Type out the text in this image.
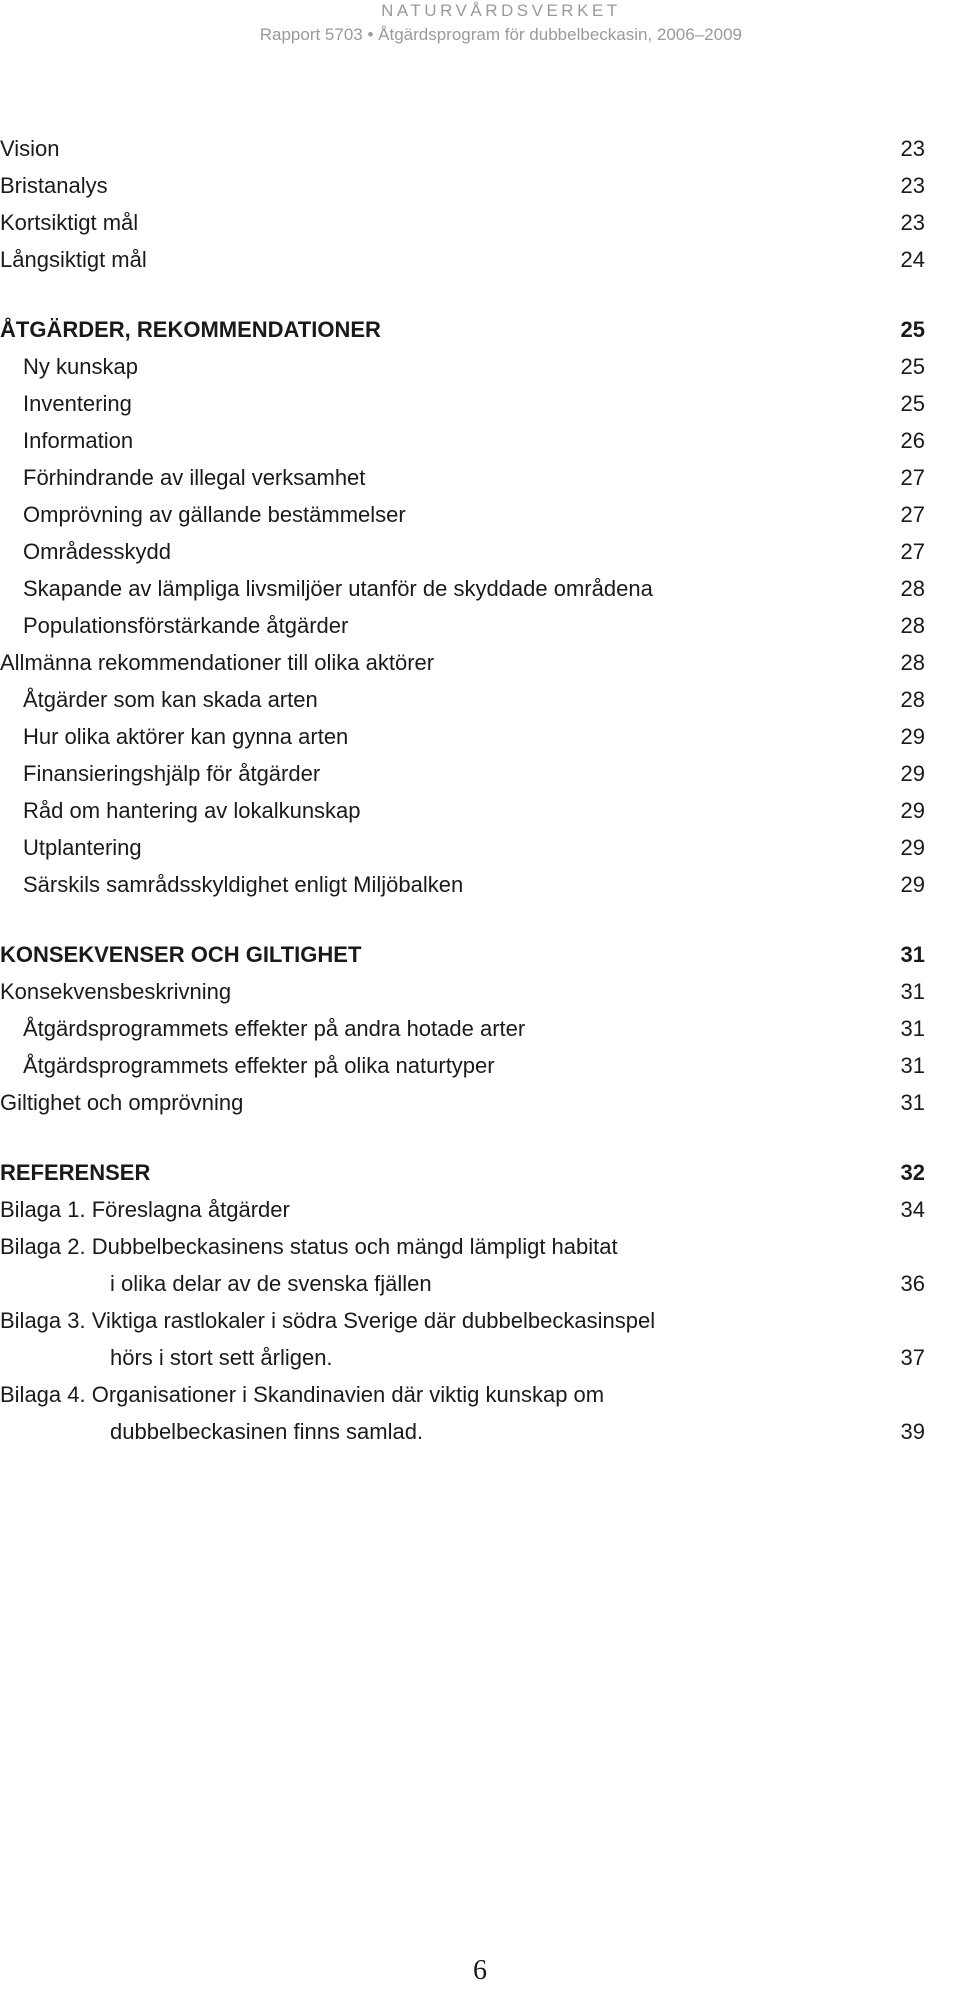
NATURVÅRDSVERKET
Rapport 5703 • Åtgärdsprogram för dubbelbeckasin, 2006–2009
Vision	23
Bristanalys	23
Kortsiktigt mål	23
Långsiktigt mål	24
ÅTGÄRDER, REKOMMENDATIONER	25
Ny kunskap	25
Inventering	25
Information	26
Förhindrande av illegal verksamhet	27
Omprövning av gällande bestämmelser	27
Områdesskydd	27
Skapande av lämpliga livsmiljöer utanför de skyddade områdena	28
Populationsförstärkande åtgärder	28
Allmänna rekommendationer till olika aktörer	28
Åtgärder som kan skada arten	28
Hur olika aktörer kan gynna arten	29
Finansieringshjälp för åtgärder	29
Råd om hantering av lokalkunskap	29
Utplantering	29
Särskils samrådsskyldighet enligt Miljöbalken	29
KONSEKVENSER OCH GILTIGHET	31
Konsekvensbeskrivning	31
Åtgärdsprogrammets effekter på andra hotade arter	31
Åtgärdsprogrammets effekter på olika naturtyper	31
Giltighet och omprövning	31
REFERENSER	32
Bilaga 1. Föreslagna åtgärder	34
Bilaga 2. Dubbelbeckasinens status och mängd lämpligt habitat
i olika delar av de svenska fjällen	36
Bilaga 3. Viktiga rastlokaler i södra Sverige där dubbelbeckasinspel
hörs i stort sett årligen.	37
Bilaga 4. Organisationer i Skandinavien där viktig kunskap om
dubbelbeckasinen finns samlad.	39
6
